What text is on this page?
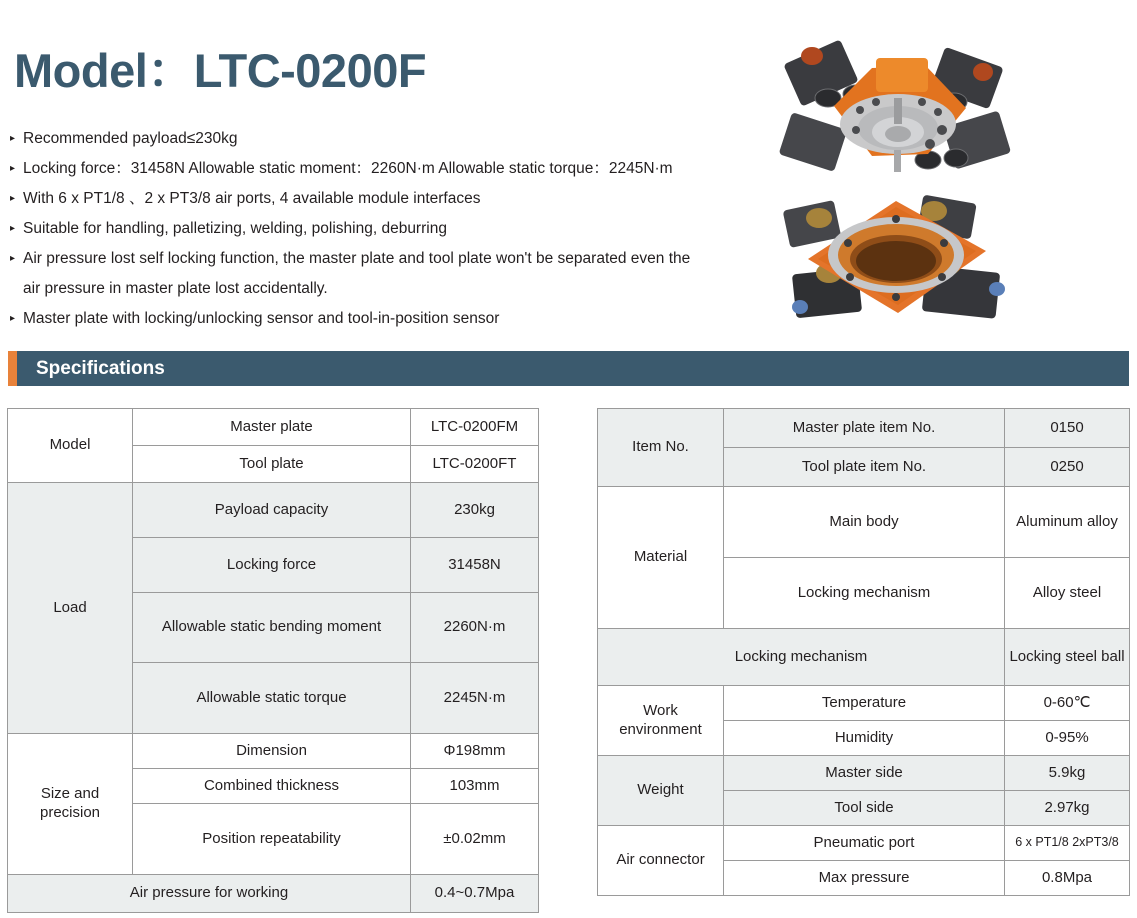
Model：LTC-0200F
▸ Recommended payload≤230kg
▸ Locking force：31458N Allowable static moment：2260N·m Allowable static torque：2245N·m
▸ With 6 x PT1/8 、2 x PT3/8 air ports, 4 available module interfaces
▸ Suitable for handling, palletizing, welding, polishing, deburring
▸ Air pressure lost self locking function, the master plate and tool plate won't be separated even the
air pressure in master plate lost accidentally.
▸ Master plate with locking/unlocking sensor and tool-in-position sensor
Specifications
Model	Master plate	LTC-0200FM
	Tool plate	LTC-0200FT
Load	Payload capacity	230kg
	Locking force	31458N
	Allowable static bending moment	2260N·m
	Allowable static torque	2245N·m
Size and precision	Dimension	Φ198mm
	Combined thickness	103mm
	Position repeatability	±0.02mm
Air pressure for working		0.4~0.7Mpa
Item No.	Master plate item No.	0150
	Tool plate item No.	0250
Material	Main body	Aluminum alloy
	Locking mechanism	Alloy steel
Locking mechanism		Locking steel ball
Work environment	Temperature	0-60℃
	Humidity	0-95%
Weight	Master side	5.9kg
	Tool side	2.97kg
Air connector	Pneumatic port	6 x PT1/8 2xPT3/8
	Max pressure	0.8Mpa
